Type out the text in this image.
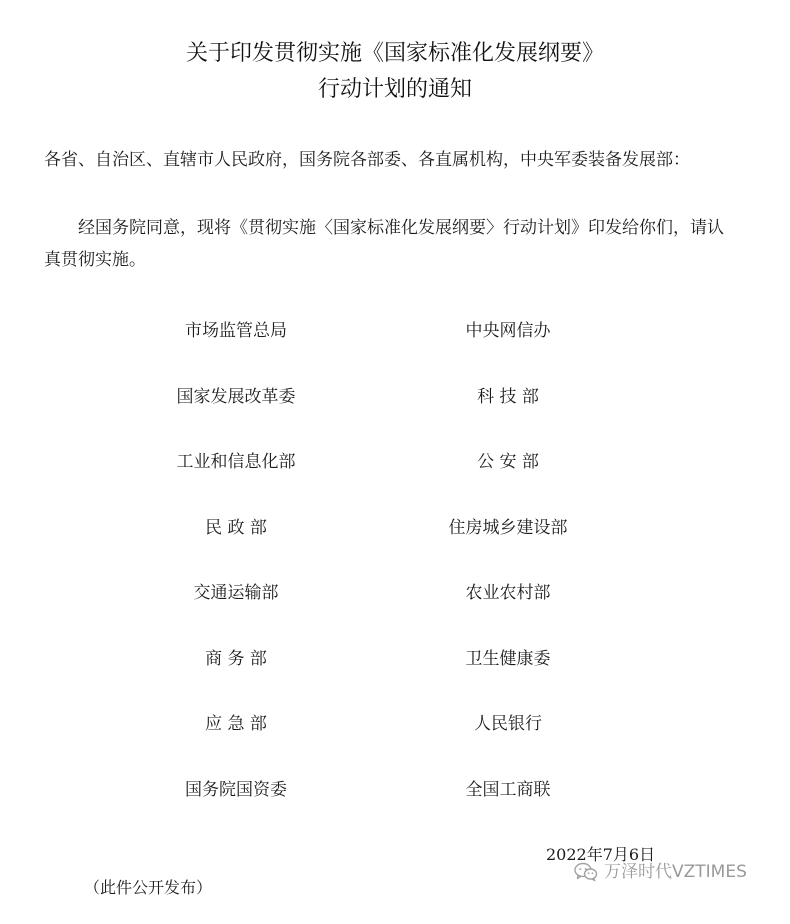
关于印发贯彻实施《国家标准化发展纲要》
行动计划的通知
各省、自治区、直辖市人民政府，国务院各部委、各直属机构，中央军委装备发展部：
经国务院同意，现将《贯彻实施〈国家标准化发展纲要〉行动计划》印发给你们，请认真贯彻实施。
市场监管总局	中央网信办
国家发展改革委	科 技 部
工业和信息化部	公 安 部
民 政 部	住房城乡建设部
交通运输部	农业农村部
商 务 部	卫生健康委
应 急 部	人民银行
国务院国资委	全国工商联
2022年7月6日
万泽时代VZTIMES
（此件公开发布）
